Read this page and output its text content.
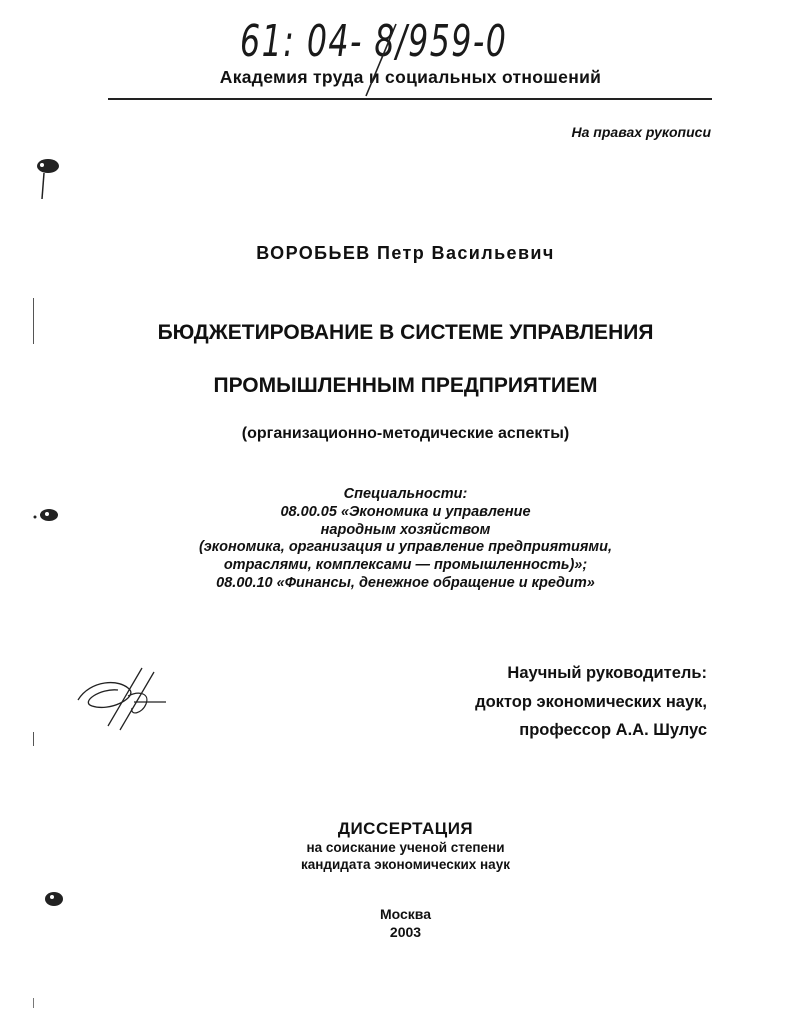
61: 04- 8/959-0
Академия труда и социальных отношений
На правах рукописи
ВОРОБЬЕВ Петр Васильевич
БЮДЖЕТИРОВАНИЕ В СИСТЕМЕ УПРАВЛЕНИЯ
ПРОМЫШЛЕННЫМ ПРЕДПРИЯТИЕМ
(организационно-методические аспекты)
Специальности:
08.00.05 «Экономика и управление
народным хозяйством
(экономика, организация и управление предприятиями,
отраслями, комплексами — промышленность)»;
08.00.10 «Финансы, денежное обращение и кредит»
Научный руководитель:
доктор экономических наук,
профессор А.А. Шулус
ДИССЕРТАЦИЯ
на соискание ученой степени
кандидата экономических наук
Москва
2003
